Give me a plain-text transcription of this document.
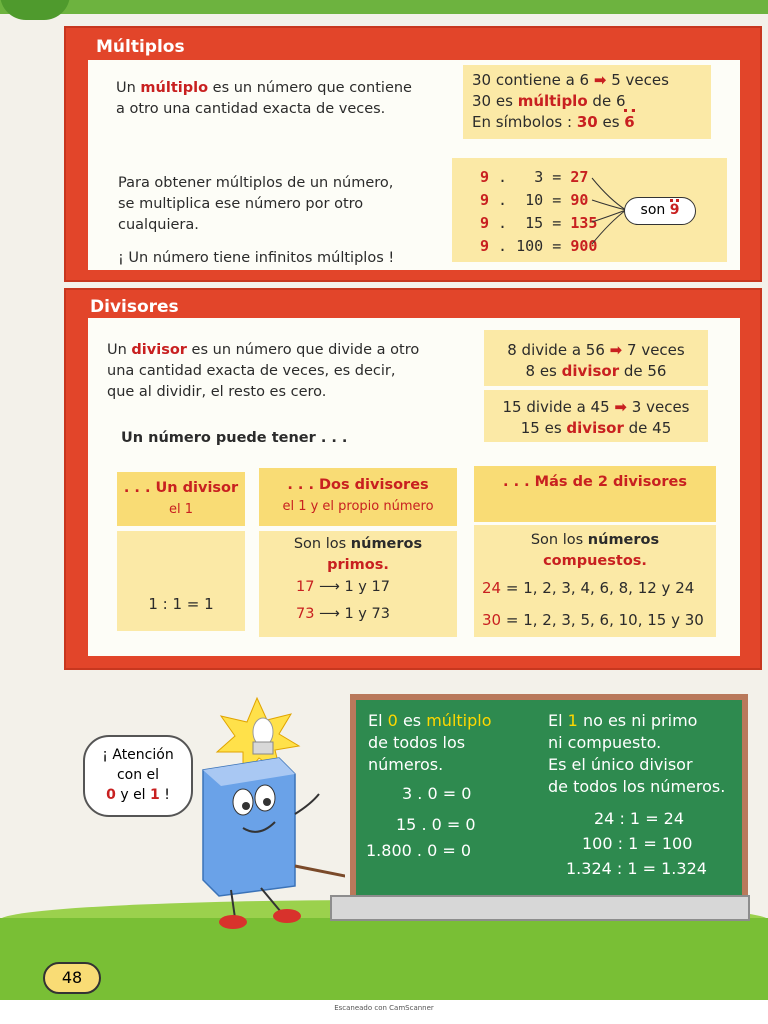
Múltiplos
Un múltiplo es un número que contiene
a otro una cantidad exacta de veces.
30 contiene a 6 ➡ 5 veces
30 es múltiplo de 6
En símbolos : 30 es 6
Para obtener múltiplos de un número,
se multiplica ese número por otro
cualquiera.
¡ Un número tiene infinitos múltiplos !
9 .   3 = 27
9 .  10 = 90
9 .  15 = 135
9 . 100 = 900
son 9
Divisores
Un divisor es un número que divide a otro
una cantidad exacta de veces, es decir,
que al dividir, el resto es cero.
8 divide a 56 ➡ 7 veces
8 es divisor de 56
15 divide a 45 ➡ 3 veces
15 es divisor de 45
Un número puede tener . . .
. . . Un divisor
el 1
1 : 1 = 1
. . . Dos divisores
el 1 y el propio número
Son los números
primos.
17 ⟶ 1 y 17
73 ⟶ 1 y 73
. . . Más de 2 divisores
Son los números
compuestos.
24 = 1, 2, 3, 4, 6, 8, 12 y 24
30 = 1, 2, 3, 5, 6, 10, 15 y 30
¡ Atención
con el
0 y el 1 !
El 0 es múltiplo
de todos los
números.
3 . 0 = 0
15 . 0 = 0
1.800 . 0 = 0
El 1 no es ni primo
ni compuesto.
Es el único divisor
de todos los números.
24 : 1 = 24
100 : 1 = 100
1.324 : 1 = 1.324
48
Escaneado con CamScanner
